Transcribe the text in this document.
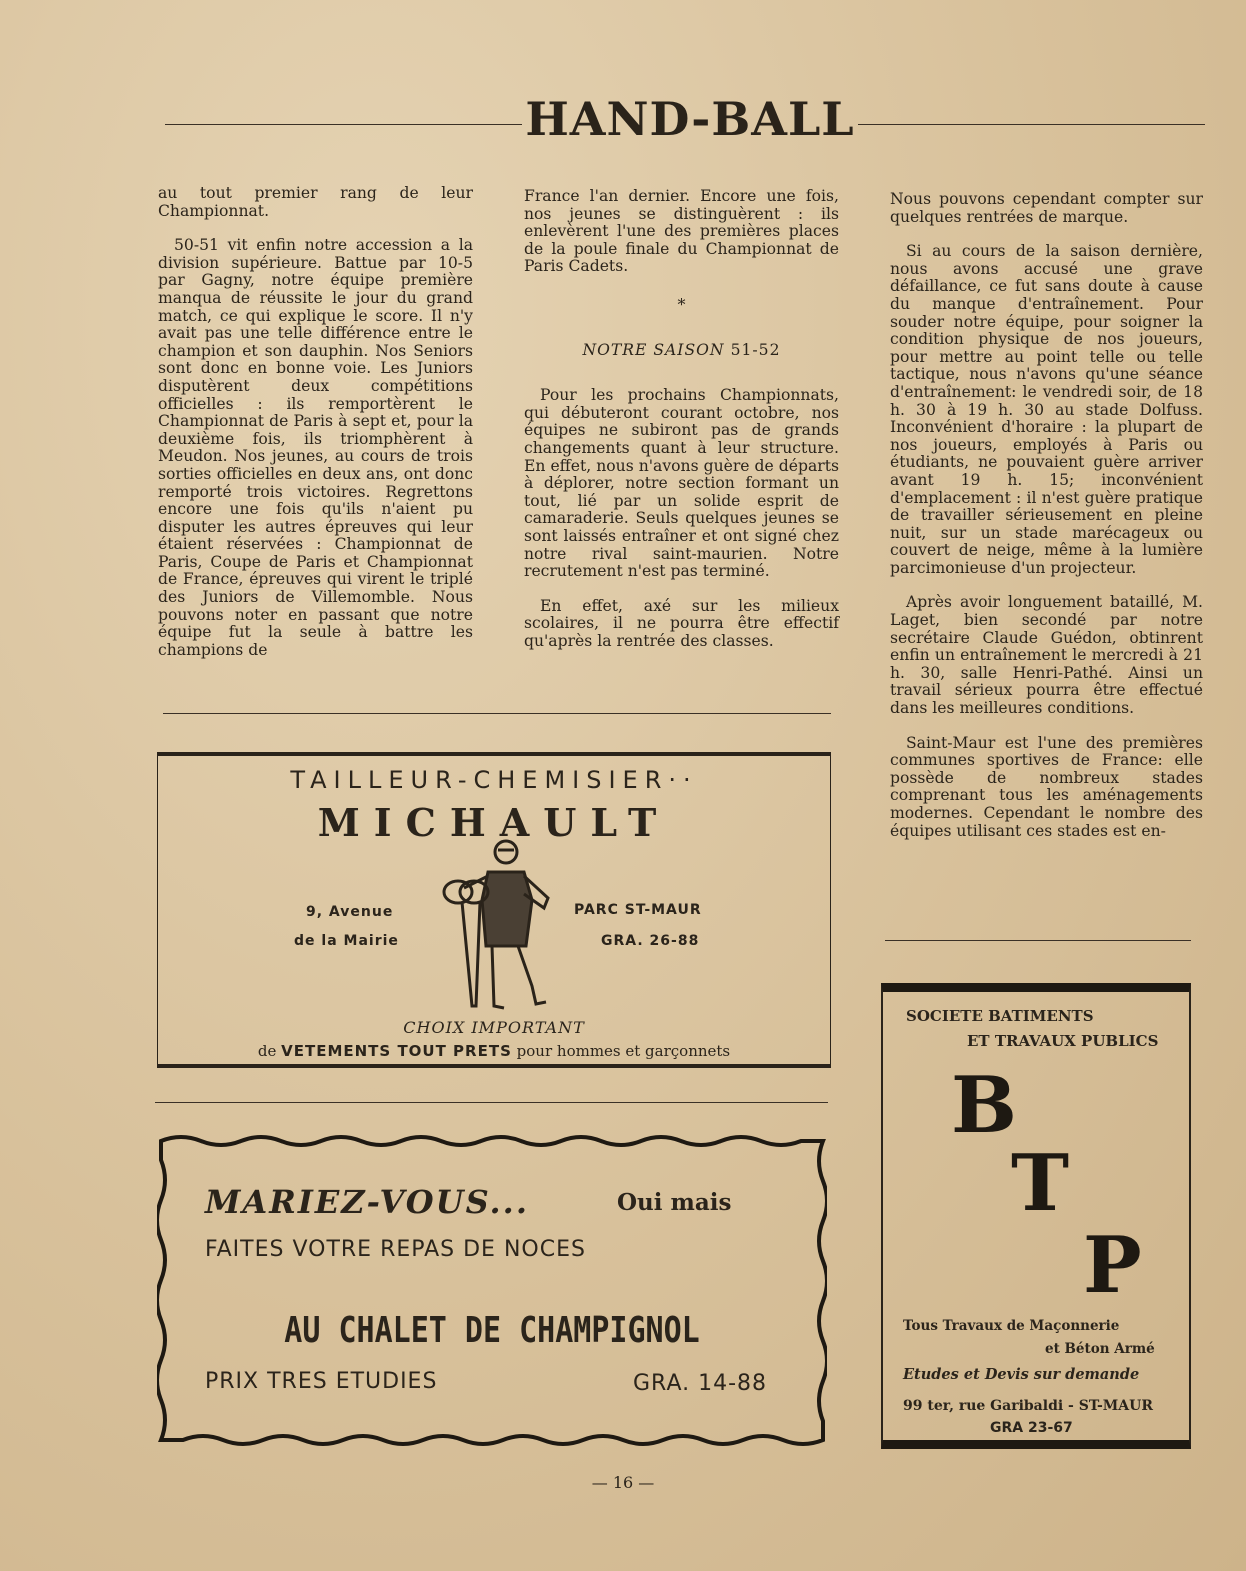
HAND-BALL

au tout premier rang de leur Championnat.

50-51 vit enfin notre accession a la division supérieure. Battue par 10-5 par Gagny, notre équipe première manqua de réussite le jour du grand match, ce qui explique le score. Il n'y avait pas une telle différence entre le champion et son dauphin. Nos Seniors sont donc en bonne voie. Les Juniors disputèrent deux compétitions officielles : ils remportèrent le Championnat de Paris à sept et, pour la deuxième fois, ils triomphèrent à Meudon. Nos jeunes, au cours de trois sorties officielles en deux ans, ont donc remporté trois victoires. Regrettons encore une fois qu'ils n'aient pu disputer les autres épreuves qui leur étaient réservées : Championnat de Paris, Coupe de Paris et Championnat de France, épreuves qui virent le triplé des Juniors de Villemomble. Nous pouvons noter en passant que notre équipe fut la seule à battre les champions de

France l'an dernier. Encore une fois, nos jeunes se distinguèrent : ils enlevèrent l'une des premières places de la poule finale du Championnat de Paris Cadets.

*
NOTRE SAISON 51-52

Pour les prochains Championnats, qui débuteront courant octobre, nos équipes ne subiront pas de grands changements quant à leur structure. En effet, nous n'avons guère de départs à déplorer, notre section formant un tout, lié par un solide esprit de camaraderie. Seuls quelques jeunes se sont laissés entraîner et ont signé chez notre rival saint-maurien. Notre recrutement n'est pas terminé.

En effet, axé sur les milieux scolaires, il ne pourra être effectif qu'après la rentrée des classes.

Nous pouvons cependant compter sur quelques rentrées de marque.

Si au cours de la saison dernière, nous avons accusé une grave défaillance, ce fut sans doute à cause du manque d'entraînement. Pour souder notre équipe, pour soigner la condition physique de nos joueurs, pour mettre au point telle ou telle tactique, nous n'avons qu'une séance d'entraînement: le vendredi soir, de 18 h. 30 à 19 h. 30 au stade Dolfuss. Inconvénient d'horaire : la plupart de nos joueurs, employés à Paris ou étudiants, ne pouvaient guère arriver avant 19 h. 15; inconvénient d'emplacement : il n'est guère pratique de travailler sérieusement en pleine nuit, sur un stade marécageux ou couvert de neige, même à la lumière parcimonieuse d'un projecteur.

Après avoir longuement bataillé, M. Laget, bien secondé par notre secrétaire Claude Guédon, obtinrent enfin un entraînement le mercredi à 21 h. 30, salle Henri-Pathé. Ainsi un travail sérieux pourra être effectué dans les meilleures conditions.

Saint-Maur est l'une des premières communes sportives de France: elle possède de nombreux stades comprenant tous les aménagements modernes. Cependant le nombre des équipes utilisant ces stades est en-

TAILLEUR-CHEMISIER··
MICHAULT
9, Avenue
de la Mairie
PARC ST-MAUR
GRA. 26-88
CHOIX IMPORTANT
de VETEMENTS TOUT PRETS pour hommes et garçonnets
MARIEZ-VOUS...	Oui mais
FAITES VOTRE REPAS DE NOCES
AU CHALET DE CHAMPIGNOL
PRIX TRES ETUDIES	GRA. 14-88
SOCIETE BATIMENTS
ET TRAVAUX PUBLICS
B
T
P
Tous Travaux de Maçonnerie
et Béton Armé
Etudes et Devis sur demande
99 ter, rue Garibaldi - ST-MAUR
GRA 23-67
— 16 —
